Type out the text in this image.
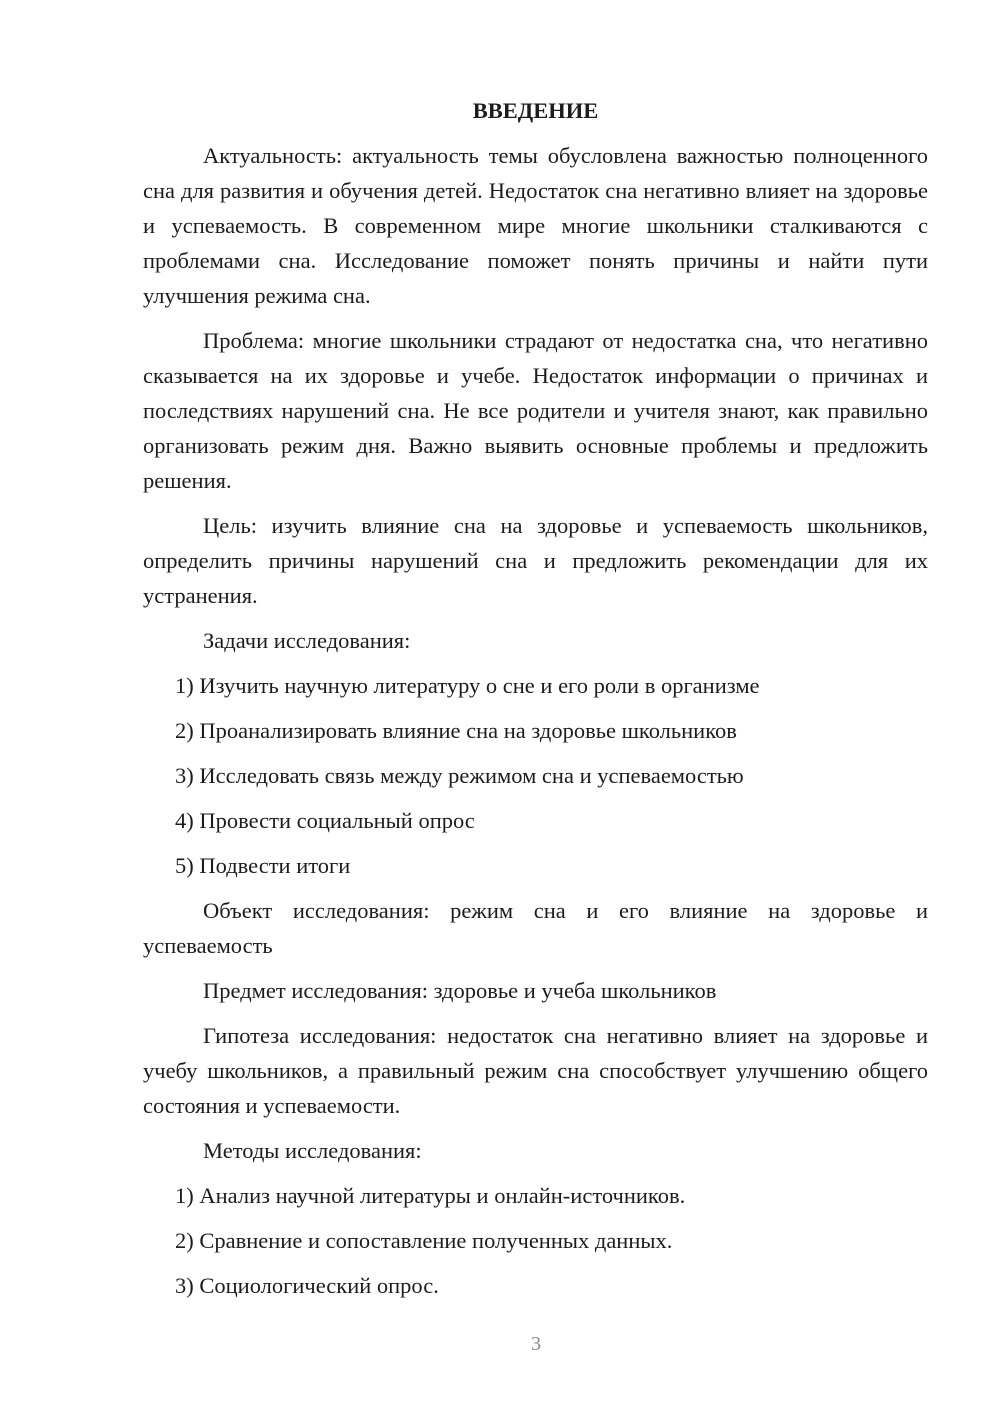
ВВЕДЕНИЕ

Актуальность: актуальность темы обусловлена важностью полноценного сна для развития и обучения детей. Недостаток сна негативно влияет на здоровье и успеваемость. В современном мире многие школьники сталкиваются с проблемами сна. Исследование поможет понять причины и найти пути улучшения режима сна.

Проблема: многие школьники страдают от недостатка сна, что негативно сказывается на их здоровье и учебе. Недостаток информации о причинах и последствиях нарушений сна. Не все родители и учителя знают, как правильно организовать режим дня. Важно выявить основные проблемы и предложить решения.

Цель: изучить влияние сна на здоровье и успеваемость школьников, определить причины нарушений сна и предложить рекомендации для их устранения.

Задачи исследования:
1) Изучить научную литературу о сне и его роли в организме
2) Проанализировать влияние сна на здоровье школьников
3) Исследовать связь между режимом сна и успеваемостью
4) Провести социальный опрос
5) Подвести итоги

Объект исследования: режим сна и его влияние на здоровье и успеваемость

Предмет исследования: здоровье и учеба школьников

Гипотеза исследования: недостаток сна негативно влияет на здоровье и учебу школьников, а правильный режим сна способствует улучшению общего состояния и успеваемости.

Методы исследования:
1) Анализ научной литературы и онлайн-источников.
2) Сравнение и сопоставление полученных данных.
3) Социологический опрос.
3
